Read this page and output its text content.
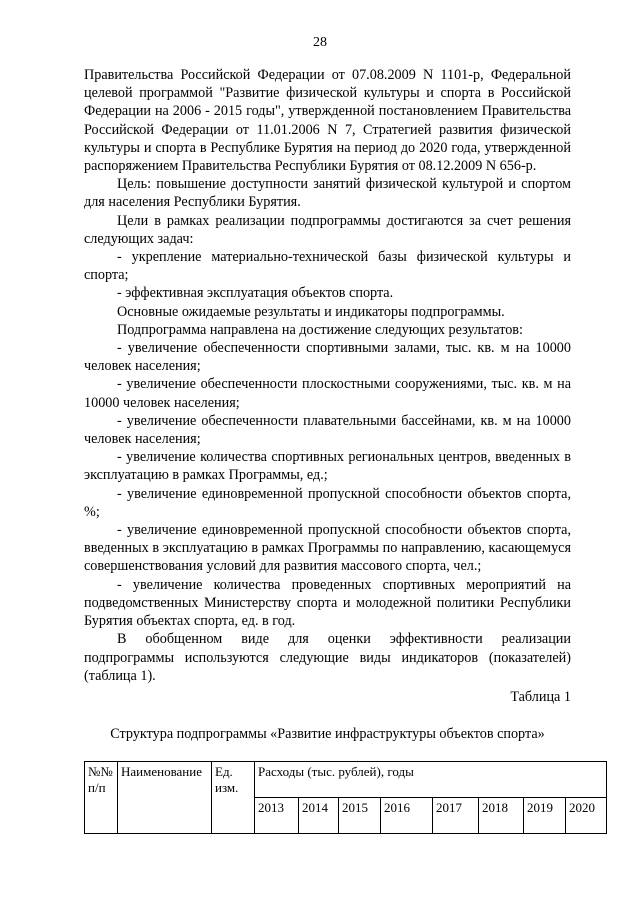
28

Правительства Российской Федерации от 07.08.2009 N 1101-р, Федеральной целевой программой "Развитие физической культуры и спорта в Российской Федерации на 2006 - 2015 годы", утвержденной постановлением Правительства Российской Федерации от 11.01.2006 N 7, Стратегией развития физической культуры и спорта в Республике Бурятия на период до 2020 года, утвержденной распоряжением Правительства Республики Бурятия от 08.12.2009 N 656-р.

Цель: повышение доступности занятий физической культурой и спортом для населения Республики Бурятия.

Цели в рамках реализации подпрограммы достигаются за счет решения следующих задач:

- укрепление материально-технической базы физической культуры и спорта;

- эффективная эксплуатация объектов спорта.

Основные ожидаемые результаты и индикаторы подпрограммы.

Подпрограмма направлена на достижение следующих результатов:

- увеличение обеспеченности спортивными залами, тыс. кв. м на 10000 человек населения;

- увеличение обеспеченности плоскостными сооружениями, тыс. кв. м на 10000 человек населения;

- увеличение обеспеченности плавательными бассейнами, кв. м на 10000 человек населения;

- увеличение количества спортивных региональных центров, введенных в эксплуатацию в рамках Программы, ед.;

- увеличение единовременной пропускной способности объектов спорта, %;

- увеличение единовременной пропускной способности объектов спорта, введенных в эксплуатацию в рамках Программы по направлению, касающемуся совершенствования условий для развития массового спорта, чел.;

- увеличение количества проведенных спортивных мероприятий на подведомственных Министерству спорта и молодежной политики Республики Бурятия объектах спорта, ед. в год.

В обобщенном виде для оценки эффективности реализации подпрограммы используются следующие виды индикаторов (показателей) (таблица 1).

Таблица 1

Структура подпрограммы «Развитие инфраструктуры объектов спорта»

№№ п/п	Наименование	Ед. изм.	Расходы (тыс. рублей), годы							
			2013	2014	2015	2016	2017	2018	2019	2020
